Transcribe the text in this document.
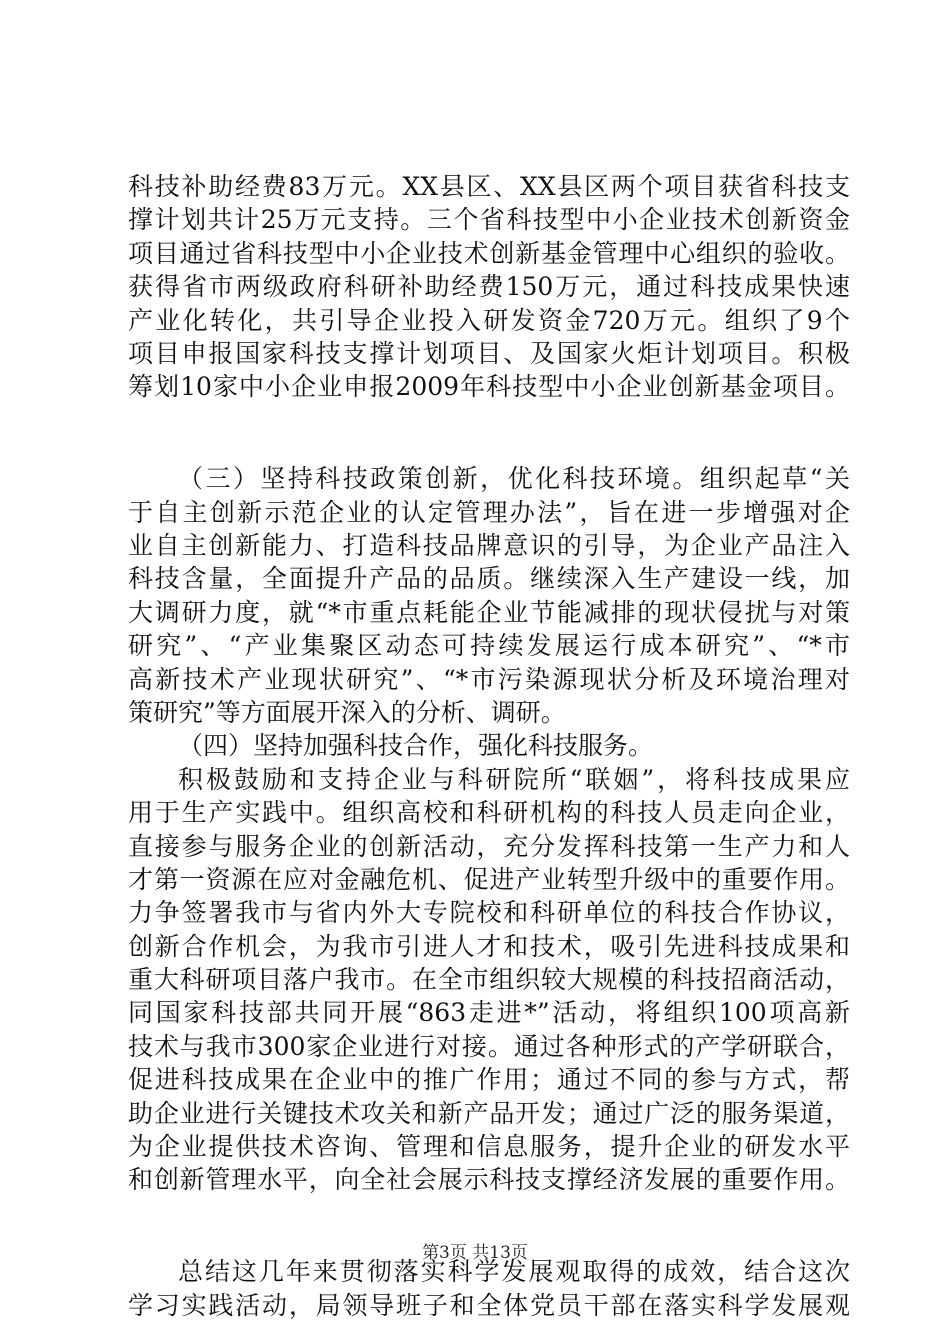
科技补助经费83万元。XX县区、XX县区两个项目获省科技支
撑计划共计25万元支持。三个省科技型中小企业技术创新资金
项目通过省科技型中小企业技术创新基金管理中心组织的验收。
获得省市两级政府科研补助经费150万元，通过科技成果快速
产业化转化，共引导企业投入研发资金720万元。组织了9个
项目申报国家科技支撑计划项目、及国家火炬计划项目。积极
筹划10家中小企业申报2009年科技型中小企业创新基金项目。
（三）坚持科技政策创新，优化科技环境。组织起草“关
于自主创新示范企业的认定管理办法”，旨在进一步增强对企
业自主创新能力、打造科技品牌意识的引导，为企业产品注入
科技含量，全面提升产品的品质。继续深入生产建设一线，加
大调研力度，就“*市重点耗能企业节能减排的现状侵扰与对策
研究”、“产业集聚区动态可持续发展运行成本研究”、“*市
高新技术产业现状研究”、“*市污染源现状分析及环境治理对
策研究”等方面展开深入的分析、调研。
（四）坚持加强科技合作，强化科技服务。
积极鼓励和支持企业与科研院所“联姻”，将科技成果应
用于生产实践中。组织高校和科研机构的科技人员走向企业，
直接参与服务企业的创新活动，充分发挥科技第一生产力和人
才第一资源在应对金融危机、促进产业转型升级中的重要作用。
力争签署我市与省内外大专院校和科研单位的科技合作协议，
创新合作机会，为我市引进人才和技术，吸引先进科技成果和
重大科研项目落户我市。在全市组织较大规模的科技招商活动，
同国家科技部共同开展“863走进*”活动，将组织100项高新
技术与我市300家企业进行对接。通过各种形式的产学研联合，
促进科技成果在企业中的推广作用；通过不同的参与方式，帮
助企业进行关键技术攻关和新产品开发；通过广泛的服务渠道，
为企业提供技术咨询、管理和信息服务，提升企业的研发水平
和创新管理水平，向全社会展示科技支撑经济发展的重要作用。
总结这几年来贯彻落实科学发展观取得的成效，结合这次
学习实践活动，局领导班子和全体党员干部在落实科学发展观
第3页 共13页
